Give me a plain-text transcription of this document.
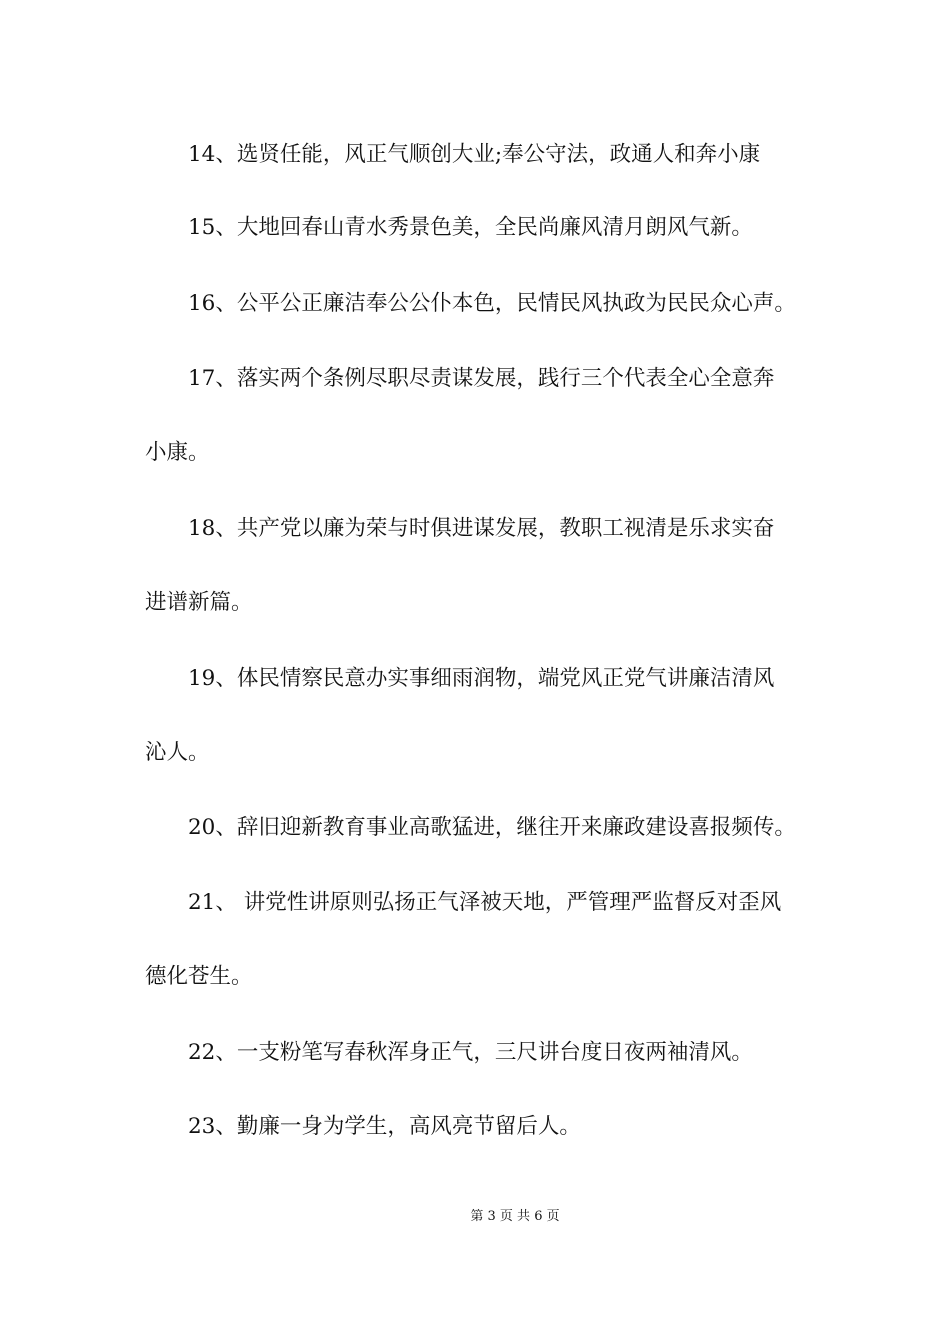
14、选贤任能，风正气顺创大业;奉公守法，政通人和奔小康
15、大地回春山青水秀景色美，全民尚廉风清月朗风气新。
16、公平公正廉洁奉公公仆本色，民情民风执政为民民众心声。
17、落实两个条例尽职尽责谋发展，践行三个代表全心全意奔
小康。
18、共产党以廉为荣与时俱进谋发展，教职工视清是乐求实奋
进谱新篇。
19、体民情察民意办实事细雨润物，端党风正党气讲廉洁清风
沁人。
20、辞旧迎新教育事业高歌猛进，继往开来廉政建设喜报频传。
21、 讲党性讲原则弘扬正气泽被天地，严管理严监督反对歪风
德化苍生。
22、一支粉笔写春秋浑身正气，三尺讲台度日夜两袖清风。
23、勤廉一身为学生，高风亮节留后人。
第 3 页 共 6 页
